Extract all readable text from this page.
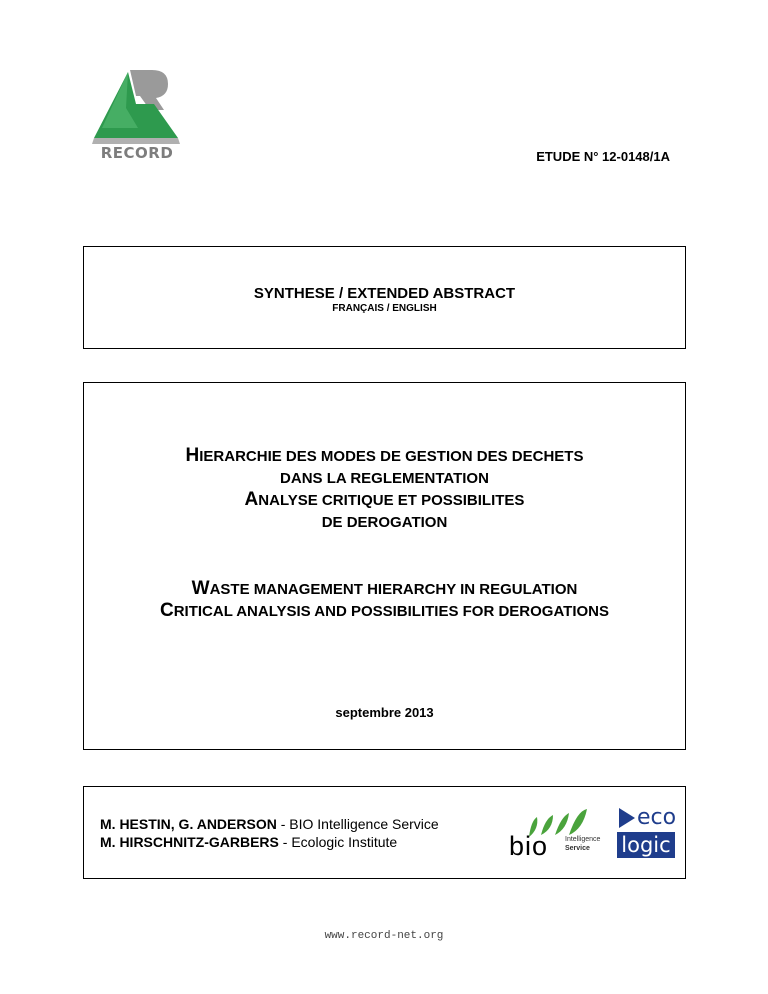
RECORD	ETUDE N° 12-0148/1A
SYNTHESE / EXTENDED ABSTRACT
FRANÇAIS / ENGLISH
HIERARCHIE DES MODES DE GESTION DES DECHETS
DANS LA REGLEMENTATION
ANALYSE CRITIQUE ET POSSIBILITES
DE DEROGATION
WASTE MANAGEMENT HIERARCHY IN REGULATION
CRITICAL ANALYSIS AND POSSIBILITIES FOR DEROGATIONS
septembre 2013
M. HESTIN, G. ANDERSON - BIO Intelligence Service
M. HIRSCHNITZ-GARBERS - Ecologic Institute	bio Intelligence
Service
eco
logic
www.record-net.org
